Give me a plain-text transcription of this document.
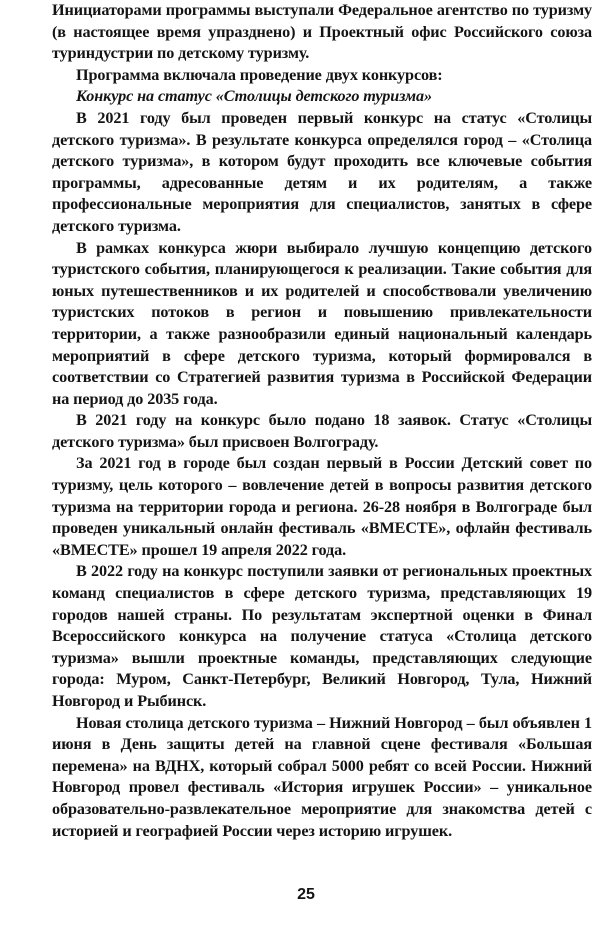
Инициаторами программы выступали Федеральное агентство по туризму (в настоящее время упразднено) и Проектный офис Российского союза туриндустрии по детскому туризму.

Программа включала проведение двух конкурсов:

Конкурс на статус «Столицы детского туризма»

В 2021 году был проведен первый конкурс на статус «Столицы детского туризма». В результате конкурса определялся город – «Столица детского туризма», в котором будут проходить все ключевые события программы, адресованные детям и их родителям, а также профессиональные мероприятия для специалистов, занятых в сфере детского туризма.

В рамках конкурса жюри выбирало лучшую концепцию детского туристского события, планирующегося к реализации. Такие события для юных путешественников и их родителей и способствовали увеличению туристских потоков в регион и повышению привлекательности территории, а также разнообразили единый национальный календарь мероприятий в сфере детского туризма, который формировался в соответствии со Стратегией развития туризма в Российской Федерации на период до 2035 года.

В 2021 году на конкурс было подано 18 заявок. Статус «Столицы детского туризма» был присвоен Волгограду.

За 2021 год в городе был создан первый в России Детский совет по туризму, цель которого – вовлечение детей в вопросы развития детского туризма на территории города и региона. 26-28 ноября в Волгограде был проведен уникальный онлайн фестиваль «ВМЕСТЕ», офлайн фестиваль «ВМЕСТЕ» прошел 19 апреля 2022 года.

В 2022 году на конкурс поступили заявки от региональных проектных команд специалистов в сфере детского туризма, представляющих 19 городов нашей страны. По результатам экспертной оценки в Финал Всероссийского конкурса на получение статуса «Столица детского туризма» вышли проектные команды, представляющих следующие города: Муром, Санкт-Петербург, Великий Новгород, Тула, Нижний Новгород и Рыбинск.

Новая столица детского туризма – Нижний Новгород – был объявлен 1 июня в День защиты детей на главной сцене фестиваля «Большая перемена» на ВДНХ, который собрал 5000 ребят со всей России. Нижний Новгород провел фестиваль «История игрушек России» – уникальное образовательно-развлекательное мероприятие для знакомства детей с историей и географией России через историю игрушек.

25
